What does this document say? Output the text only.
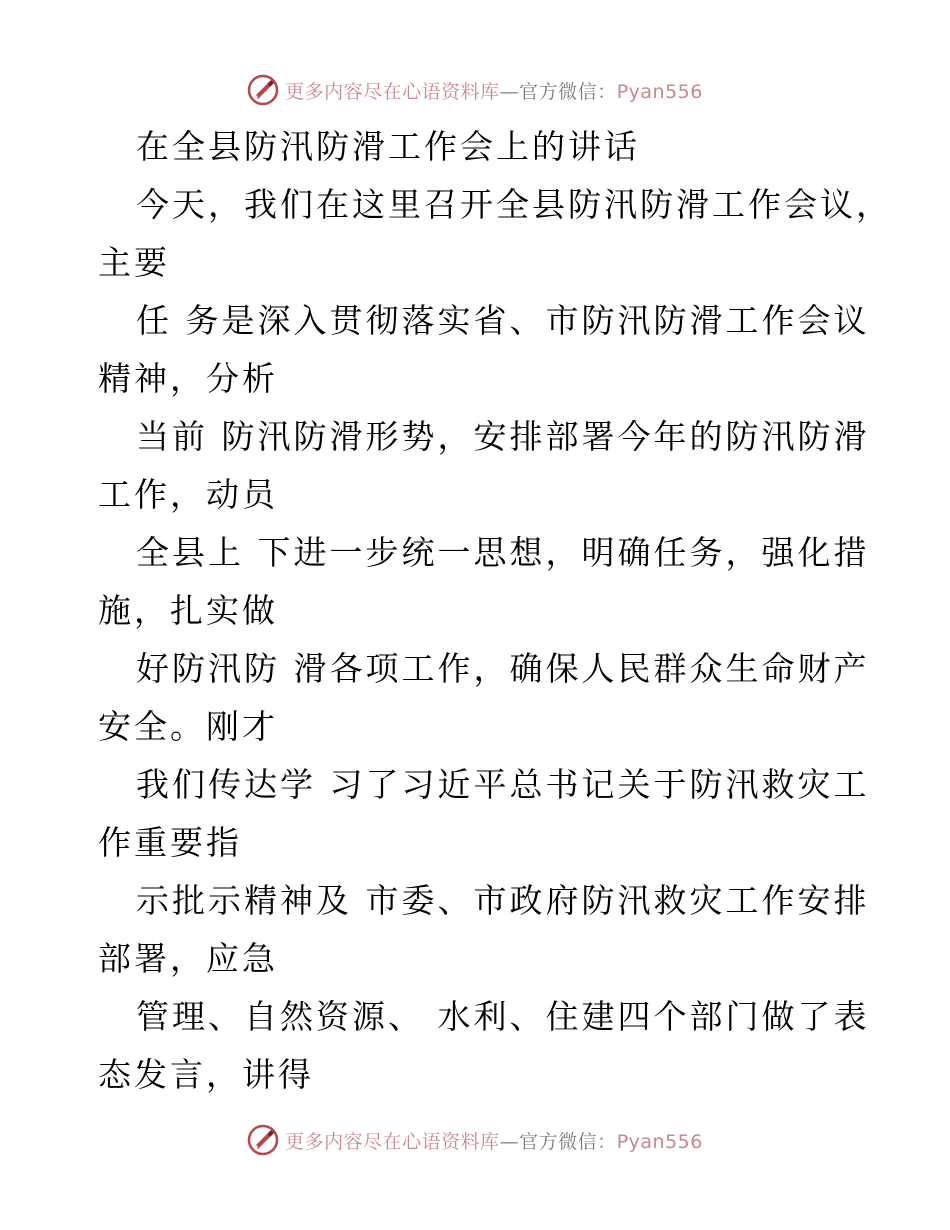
更多内容尽在心语资料库—官方微信：Pyan556
在全县防汛防滑工作会上的讲话
今天，我们在这里召开全县防汛防滑工作会议，
主要
任 务是深入贯彻落实省、市防汛防滑工作会议
精神，分析
当前 防汛防滑形势，安排部署今年的防汛防滑
工作，动员
全县上 下进一步统一思想，明确任务，强化措
施，扎实做
好防汛防 滑各项工作，确保人民群众生命财产
安全。刚才
我们传达学 习了习近平总书记关于防汛救灾工
作重要指
示批示精神及 市委、市政府防汛救灾工作安排
部署，应急
管理、自然资源、 水利、住建四个部门做了表
态发言，讲得
更多内容尽在心语资料库—官方微信：Pyan556
